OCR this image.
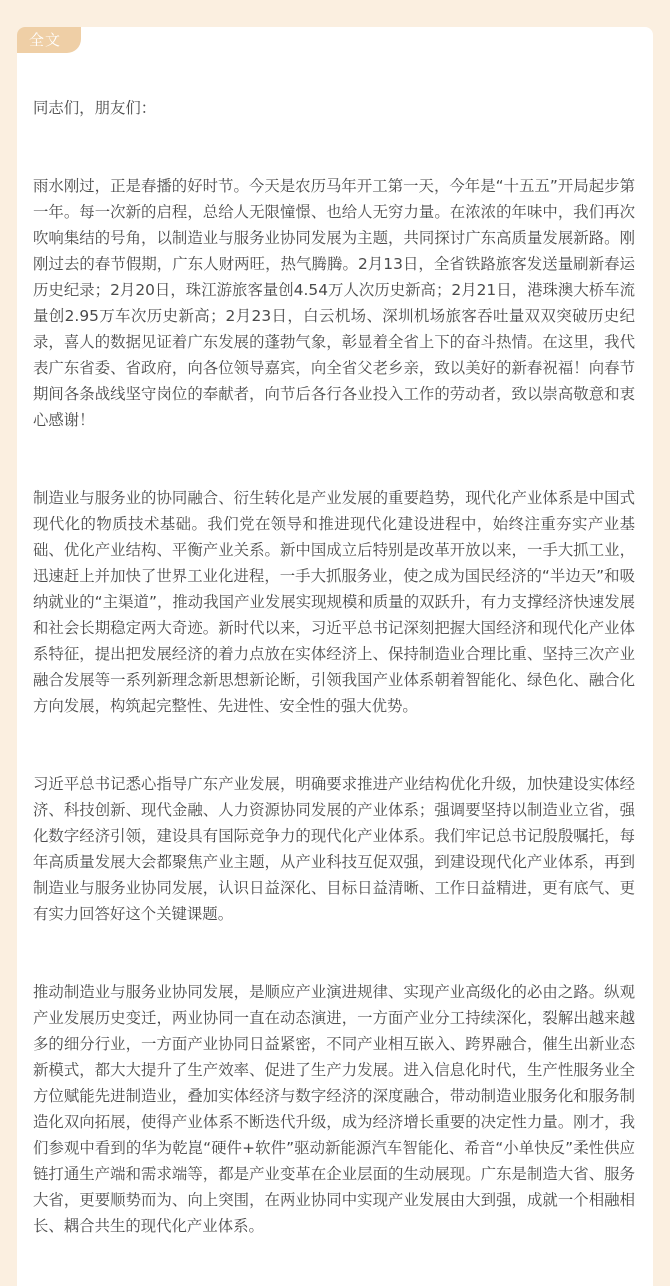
同志们，朋友们：

雨水刚过，正是春播的好时节。今天是农历马年开工第一天，今年是“十五五”开局起步第一年。每一次新的启程，总给人无限憧憬、也给人无穷力量。在浓浓的年味中，我们再次吹响集结的号角，以制造业与服务业协同发展为主题，共同探讨广东高质量发展新路。刚刚过去的春节假期，广东人财两旺，热气腾腾。2月13日，全省铁路旅客发送量刷新春运历史纪录；2月20日，珠江游旅客量创4.54万人次历史新高；2月21日，港珠澳大桥车流量创2.95万车次历史新高；2月23日，白云机场、深圳机场旅客吞吐量双双突破历史纪录，喜人的数据见证着广东发展的蓬勃气象，彰显着全省上下的奋斗热情。在这里，我代表广东省委、省政府，向各位领导嘉宾，向全省父老乡亲，致以美好的新春祝福！向春节期间各条战线坚守岗位的奉献者，向节后各行各业投入工作的劳动者，致以崇高敬意和衷心感谢！

制造业与服务业的协同融合、衍生转化是产业发展的重要趋势，现代化产业体系是中国式现代化的物质技术基础。我们党在领导和推进现代化建设进程中，始终注重夯实产业基础、优化产业结构、平衡产业关系。新中国成立后特别是改革开放以来，一手大抓工业，迅速赶上并加快了世界工业化进程，一手大抓服务业，使之成为国民经济的“半边天”和吸纳就业的“主渠道”，推动我国产业发展实现规模和质量的双跃升，有力支撑经济快速发展和社会长期稳定两大奇迹。新时代以来，习近平总书记深刻把握大国经济和现代化产业体系特征，提出把发展经济的着力点放在实体经济上、保持制造业合理比重、坚持三次产业融合发展等一系列新理念新思想新论断，引领我国产业体系朝着智能化、绿色化、融合化方向发展，构筑起完整性、先进性、安全性的强大优势。

习近平总书记悉心指导广东产业发展，明确要求推进产业结构优化升级，加快建设实体经济、科技创新、现代金融、人力资源协同发展的产业体系；强调要坚持以制造业立省，强化数字经济引领，建设具有国际竞争力的现代化产业体系。我们牢记总书记殷殷嘱托，每年高质量发展大会都聚焦产业主题，从产业科技互促双强，到建设现代化产业体系，再到制造业与服务业协同发展，认识日益深化、目标日益清晰、工作日益精进，更有底气、更有实力回答好这个关键课题。

推动制造业与服务业协同发展，是顺应产业演进规律、实现产业高级化的必由之路。纵观产业发展历史变迁，两业协同一直在动态演进，一方面产业分工持续深化，裂解出越来越多的细分行业，一方面产业协同日益紧密，不同产业相互嵌入、跨界融合，催生出新业态新模式，都大大提升了生产效率、促进了生产力发展。进入信息化时代，生产性服务业全方位赋能先进制造业，叠加实体经济与数字经济的深度融合，带动制造业服务化和服务制造化双向拓展，使得产业体系不断迭代升级，成为经济增长重要的决定性力量。刚才，我们参观中看到的华为乾崑“硬件+软件”驱动新能源汽车智能化、希音“小单快反”柔性供应链打通生产端和需求端等，都是产业变革在企业层面的生动展现。广东是制造大省、服务大省，更要顺势而为、向上突围，在两业协同中实现产业发展由大到强，成就一个相融相长、耦合共生的现代化产业体系。

全文
